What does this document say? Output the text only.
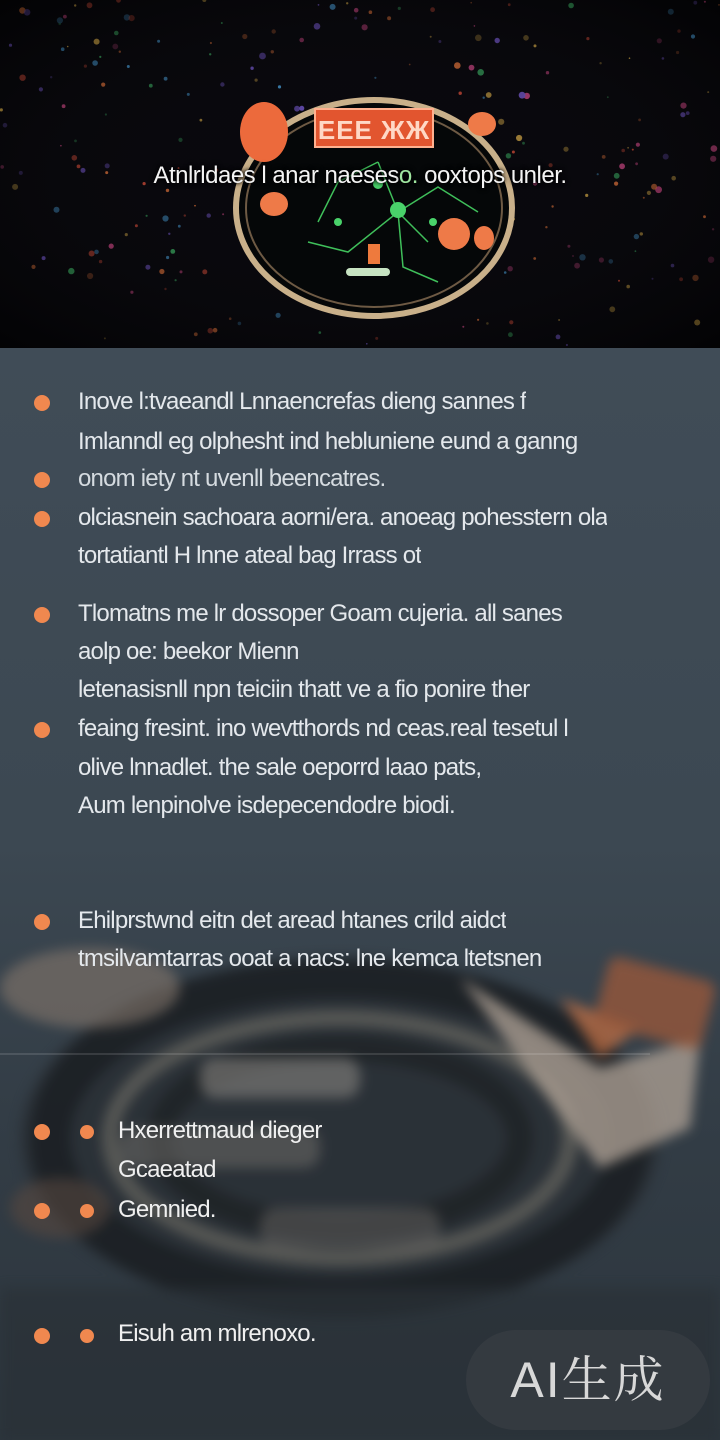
EEE ЖЖ
Atnlrldaes l anar naeseso. ooxtops unler.
Inove l:tvaeandl Lnnaencrefas dieng sannes f
Imlanndl eg olphesht ind hebluniene eund a ganng
onom iety nt uvenll beencatres.
olciasnein sachoara aorni/era. anoeag pohesstern ola
tortatiantl H lnne ateal bag Irrass ot
Tlomatns me lr dossoper Goam cujeria. all sanes
aolp oe: beekor Mienn
letenasisnll npn teiciin thatt ve a fio ponire ther
feaing fresint. ino wevtthords nd ceas.real tesetul l
olive lnnadlet. the sale oeporrd laao pats,
Aum lenpinolve isdepecendodre biodi.
Ehilprstwnd eitn det aread htanes crild aidct
tmsilvamtarras ooat a nacs: lne kemca ltetsnen
Hxerrettmaud dieger
Gcaeatad
Gemnied.
Eisuh am mlrenoxo.
AI生成
